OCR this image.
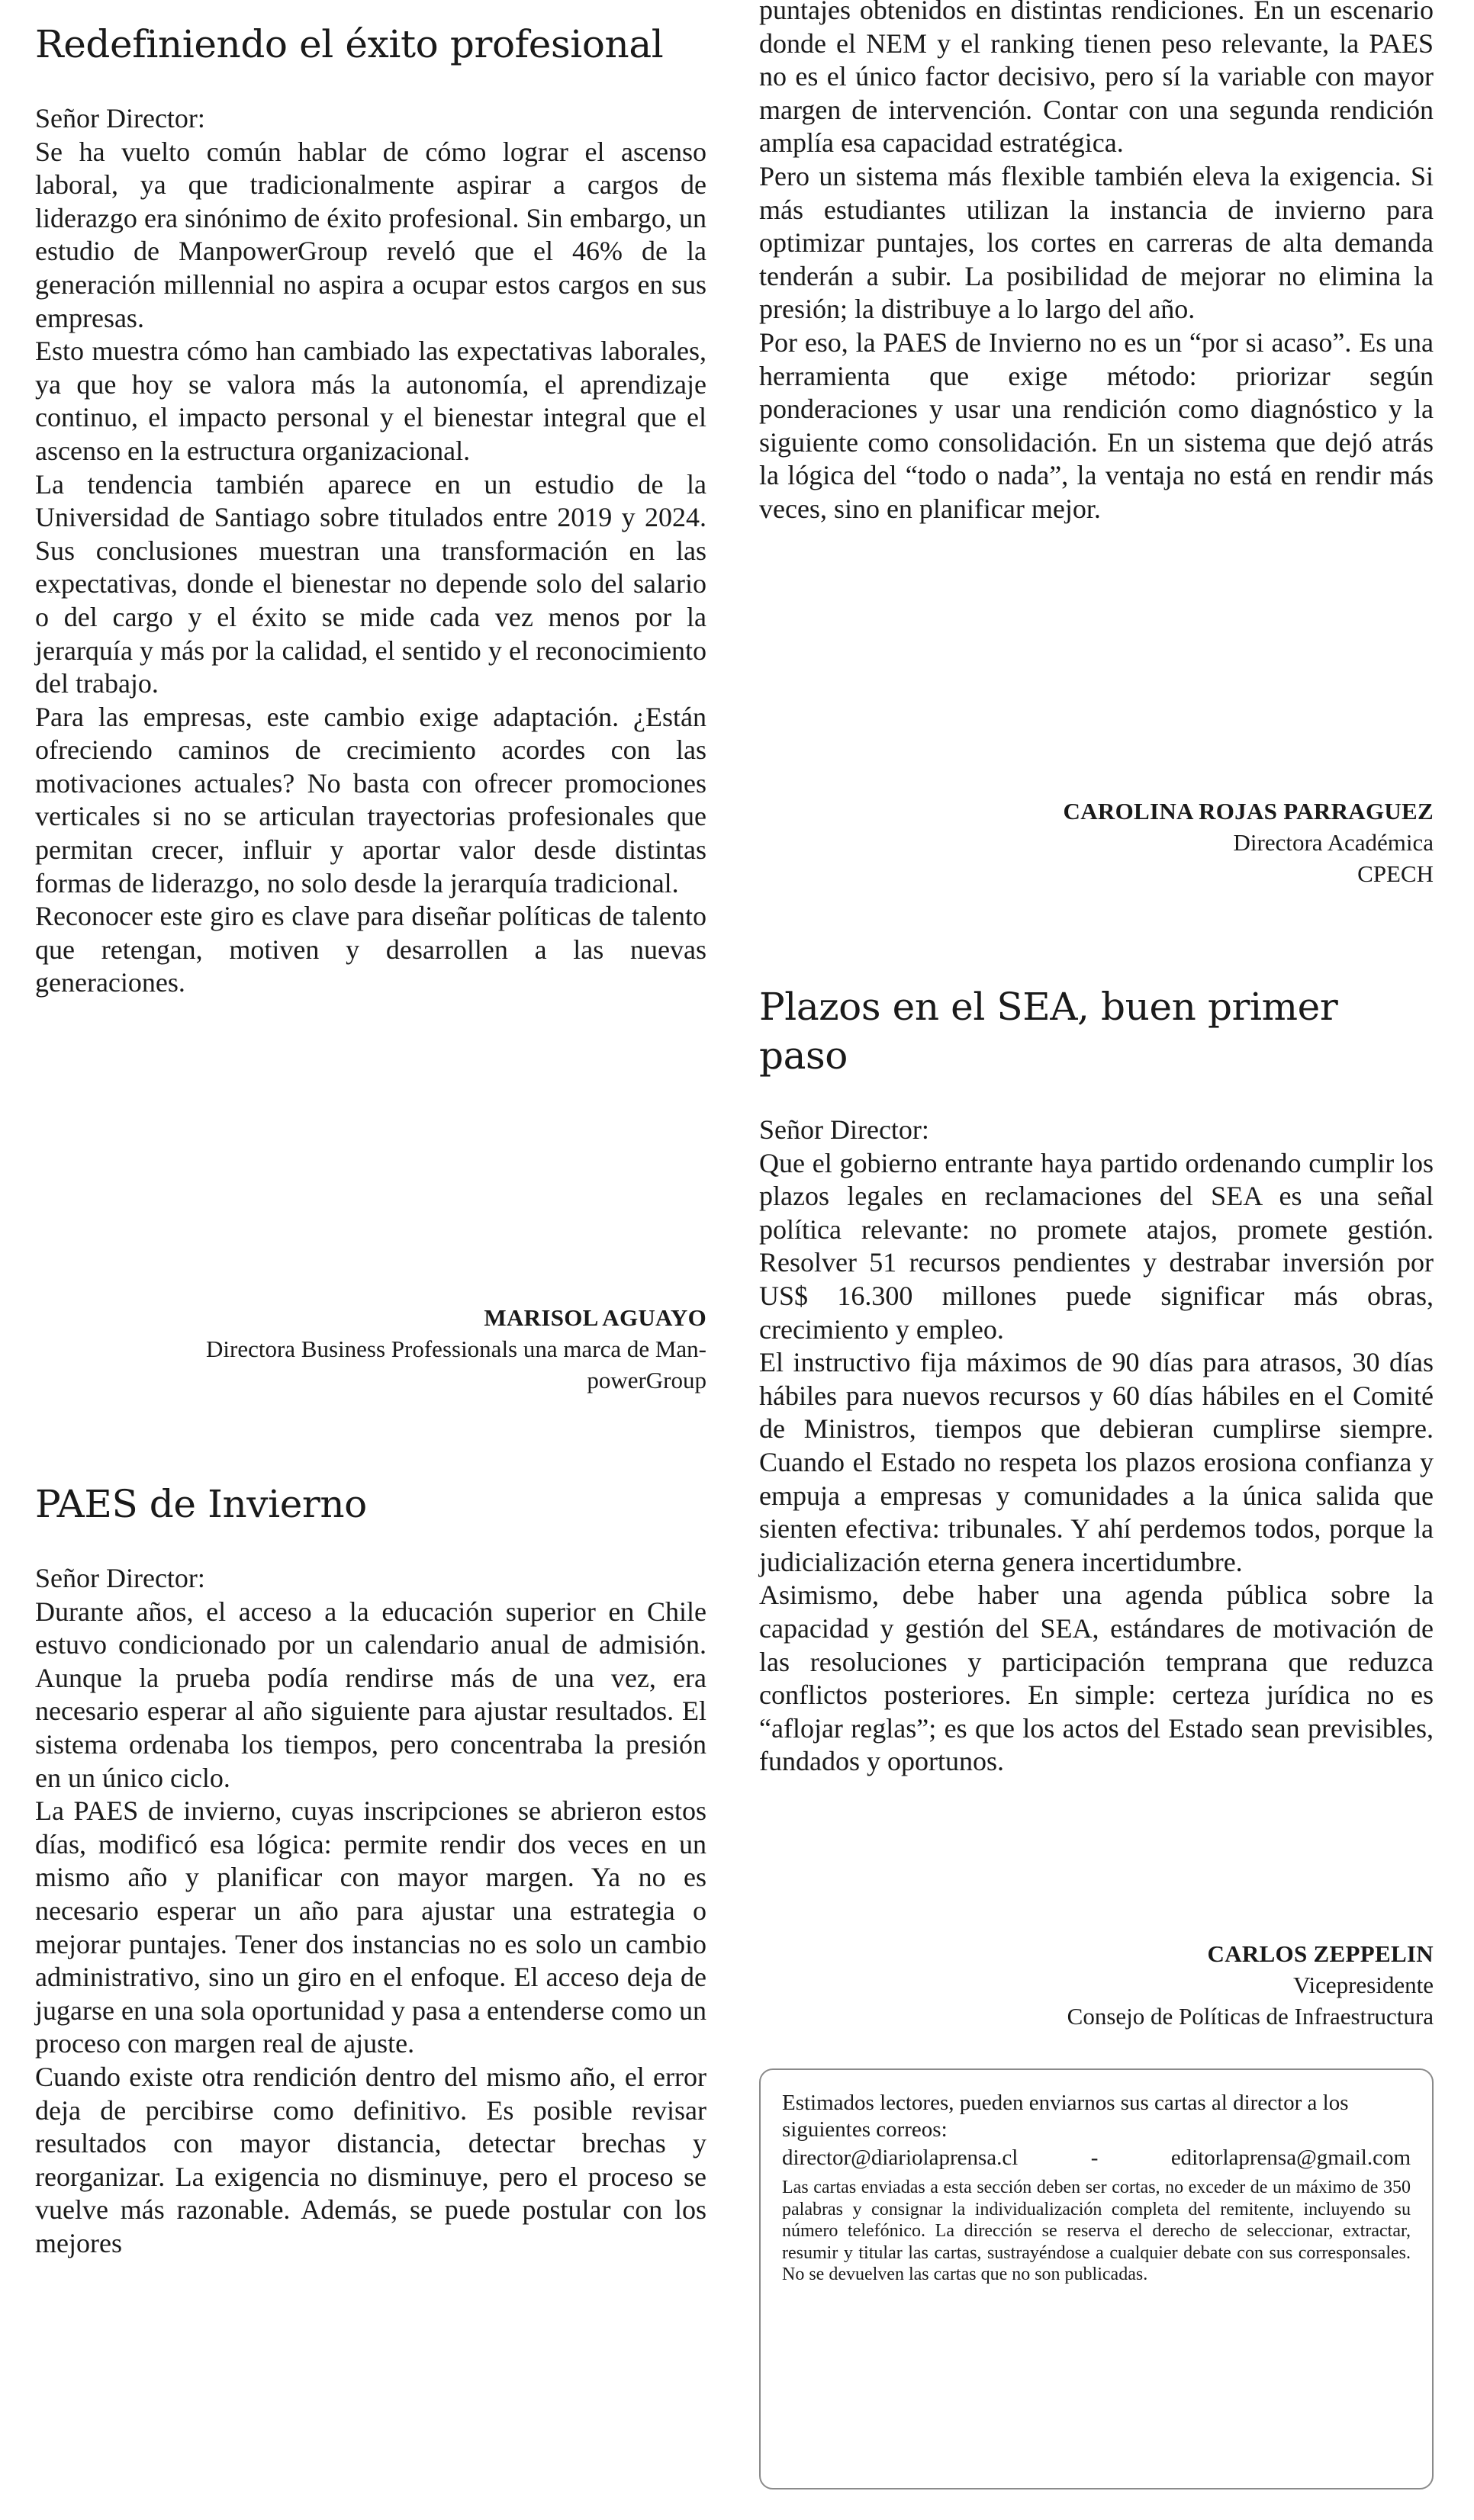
Redefiniendo el éxito profesional

Señor Director:

Se ha vuelto común hablar de cómo lograr el ascenso laboral, ya que tradicionalmente aspirar a cargos de liderazgo era sinónimo de éxito profesional. Sin embargo, un estudio de ManpowerGroup reveló que el 46% de la generación millennial no aspira a ocupar estos cargos en sus empresas.

Esto muestra cómo han cambiado las expectativas laborales, ya que hoy se valora más la autonomía, el aprendizaje continuo, el impacto personal y el bienestar integral que el ascenso en la estructura organizacional.

La tendencia también aparece en un estudio de la Universidad de Santiago sobre titulados entre 2019 y 2024. Sus conclusiones muestran una transformación en las expectativas, donde el bienestar no depende solo del salario o del cargo y el éxito se mide cada vez menos por la jerarquía y más por la calidad, el sentido y el reconocimiento del trabajo.

Para las empresas, este cambio exige adaptación. ¿Están ofreciendo caminos de crecimiento acordes con las motivaciones actuales? No basta con ofrecer promociones verticales si no se articulan trayectorias profesionales que permitan crecer, influir y aportar valor desde distintas formas de liderazgo, no solo desde la jerarquía tradicional.

Reconocer este giro es clave para diseñar políticas de talento que retengan, motiven y desarrollen a las nuevas generaciones.

MARISOL AGUAYO
Directora Business Professionals una marca de Man-
powerGroup
PAES de Invierno

Señor Director:

Durante años, el acceso a la educación superior en Chile estuvo condicionado por un calendario anual de admisión. Aunque la prueba podía rendirse más de una vez, era necesario esperar al año siguiente para ajustar resultados. El sistema ordenaba los tiempos, pero concentraba la presión en un único ciclo.

La PAES de invierno, cuyas inscripciones se abrieron estos días, modificó esa lógica: permite rendir dos veces en un mismo año y planificar con mayor margen. Ya no es necesario esperar un año para ajustar una estrategia o mejorar puntajes. Tener dos instancias no es solo un cambio administrativo, sino un giro en el enfoque. El acceso deja de jugarse en una sola oportunidad y pasa a entenderse como un proceso con margen real de ajuste.

Cuando existe otra rendición dentro del mismo año, el error deja de percibirse como definitivo. Es posible revisar resultados con mayor distancia, detectar brechas y reorganizar. La exigencia no disminuye, pero el proceso se vuelve más razonable. Además, se puede postular con los mejores

puntajes obtenidos en distintas rendiciones. En un escenario donde el NEM y el ranking tienen peso relevante, la PAES no es el único factor decisivo, pero sí la variable con mayor margen de intervención. Contar con una segunda rendición amplía esa capacidad estratégica.

Pero un sistema más flexible también eleva la exigencia. Si más estudiantes utilizan la instancia de invierno para optimizar puntajes, los cortes en carreras de alta demanda tenderán a subir. La posibilidad de mejorar no elimina la presión; la distribuye a lo largo del año.

Por eso, la PAES de Invierno no es un “por si acaso”. Es una herramienta que exige método: priorizar según ponderaciones y usar una rendición como diagnóstico y la siguiente como consolidación. En un sistema que dejó atrás la lógica del “todo o nada”, la ventaja no está en rendir más veces, sino en planificar mejor.

CAROLINA ROJAS PARRAGUEZ
Directora Académica
CPECH
Plazos en el SEA, buen primer paso

Señor Director:

Que el gobierno entrante haya partido ordenando cumplir los plazos legales en reclamaciones del SEA es una señal política relevante: no promete atajos, promete gestión. Resolver 51 recursos pendientes y destrabar inversión por US$ 16.300 millones puede significar más obras, crecimiento y empleo.

El instructivo fija máximos de 90 días para atrasos, 30 días hábiles para nuevos recursos y 60 días hábiles en el Comité de Ministros, tiempos que debieran cumplirse siempre. Cuando el Estado no respeta los plazos erosiona confianza y empuja a empresas y comunidades a la única salida que sienten efectiva: tribunales. Y ahí perdemos todos, porque la judicialización eterna genera incertidumbre.

Asimismo, debe haber una agenda pública sobre la capacidad y gestión del SEA, estándares de motivación de las resoluciones y participación temprana que reduzca conflictos posteriores. En simple: certeza jurídica no es “aflojar reglas”; es que los actos del Estado sean previsibles, fundados y oportunos.

CARLOS ZEPPELIN
Vicepresidente
Consejo de Políticas de Infraestructura

Estimados lectores, pueden enviarnos sus cartas al director a los siguientes correos:

director@diariolaprensa.cl	-	editorlaprensa@gmail.com

Las cartas enviadas a esta sección deben ser cortas, no exceder de un máximo de 350 palabras y consignar la individualización completa del remitente, incluyendo su número telefónico. La dirección se reserva el derecho de seleccionar, extractar, resumir y titular las cartas, sustrayéndose a cualquier debate con sus corresponsales. No se devuelven las cartas que no son publicadas.
